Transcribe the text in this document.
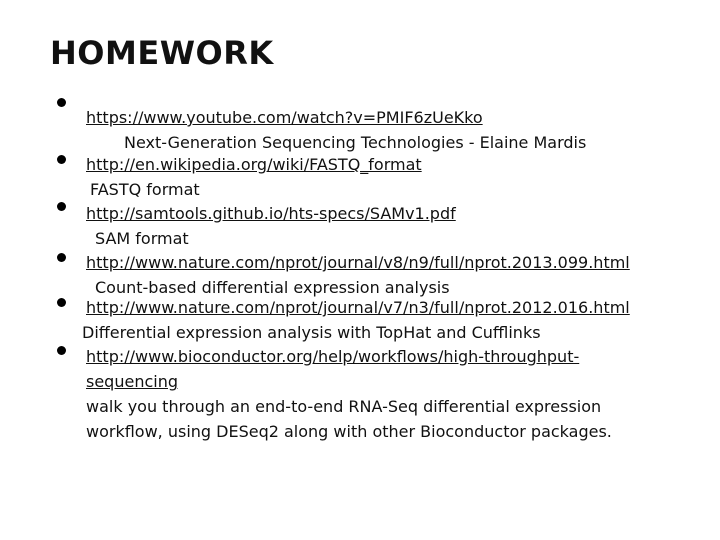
HOMEWORK
https://www.youtube.com/watch?v=PMIF6zUeKko
Next-Generation Sequencing Technologies - Elaine Mardis
http://en.wikipedia.org/wiki/FASTQ_format
FASTQ format
http://samtools.github.io/hts-specs/SAMv1.pdf
SAM format
http://www.nature.com/nprot/journal/v8/n9/full/nprot.2013.099.html
Count-based differential expression analysis
http://www.nature.com/nprot/journal/v7/n3/full/nprot.2012.016.html
Differential expression analysis with TopHat and Cufflinks
http://www.bioconductor.org/help/workflows/high-throughput-
sequencing
walk you through an end-to-end RNA-Seq differential expression
workflow, using DESeq2 along with other Bioconductor packages.
